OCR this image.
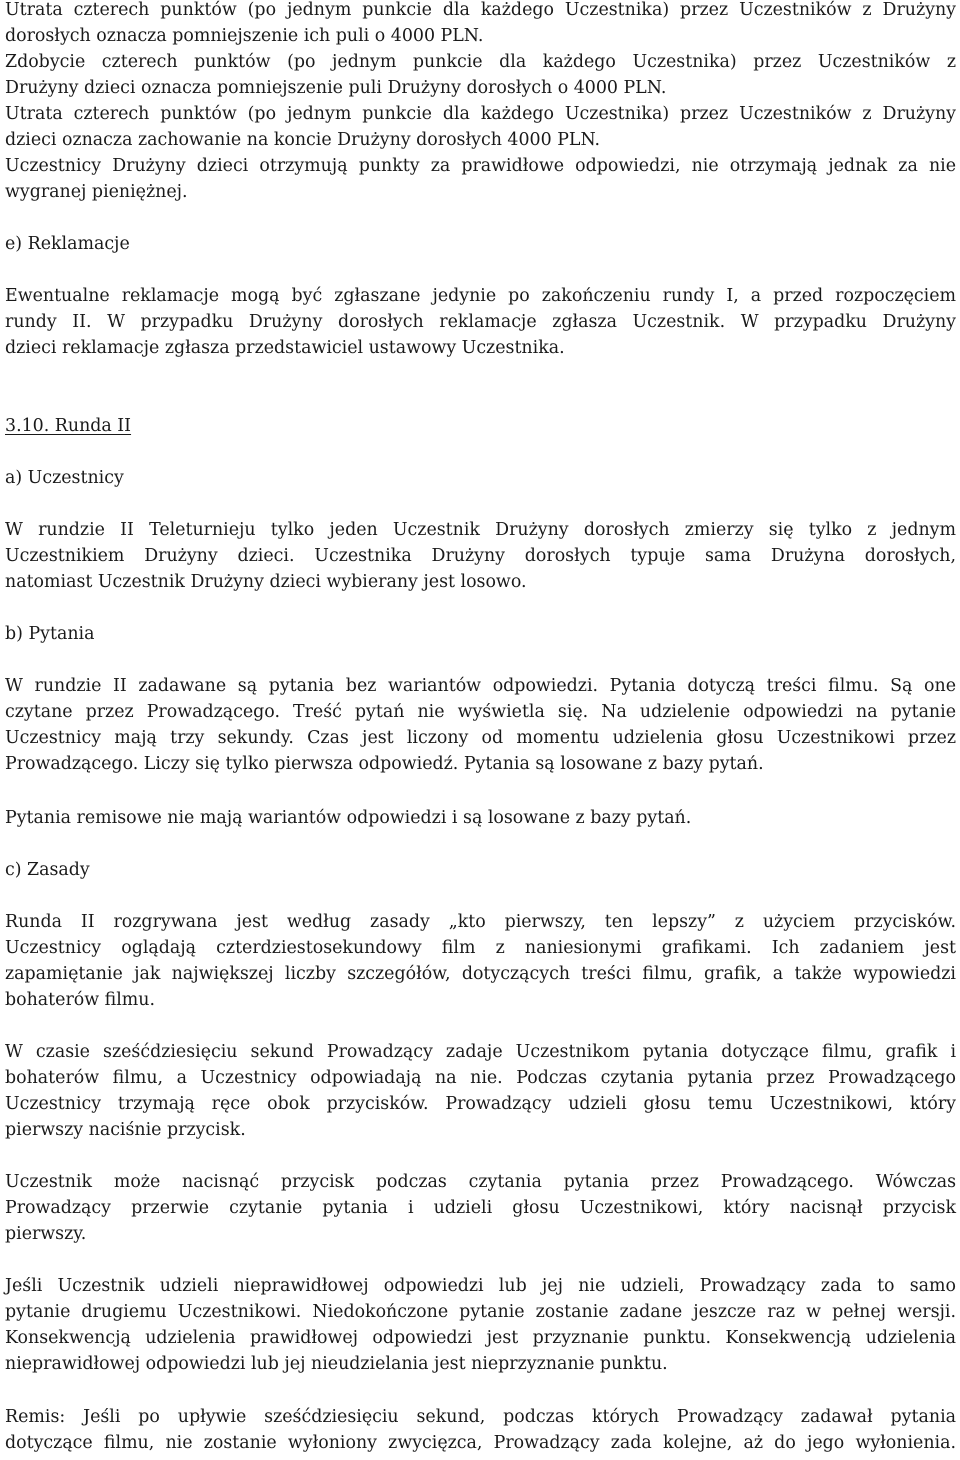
Utrata czterech punktów (po jednym punkcie dla każdego Uczestnika) przez Uczestników z Drużyny
dorosłych oznacza pomniejszenie ich puli o 4000 PLN.
Zdobycie czterech punktów (po jednym punkcie dla każdego Uczestnika) przez Uczestników z
Drużyny dzieci oznacza pomniejszenie puli Drużyny dorosłych o 4000 PLN.
Utrata czterech punktów (po jednym punkcie dla każdego Uczestnika) przez Uczestników z Drużyny
dzieci oznacza zachowanie na koncie Drużyny dorosłych 4000 PLN.
Uczestnicy Drużyny dzieci otrzymują punkty za prawidłowe odpowiedzi, nie otrzymają jednak za nie
wygranej pieniężnej.
e) Reklamacje
Ewentualne reklamacje mogą być zgłaszane jedynie po zakończeniu rundy I, a przed rozpoczęciem
rundy II. W przypadku Drużyny dorosłych reklamacje zgłasza Uczestnik. W przypadku Drużyny
dzieci reklamacje zgłasza przedstawiciel ustawowy Uczestnika.
3.10. Runda II
a) Uczestnicy
W rundzie II Teleturnieju tylko jeden Uczestnik Drużyny dorosłych zmierzy się tylko z jednym
Uczestnikiem Drużyny dzieci. Uczestnika Drużyny dorosłych typuje sama Drużyna dorosłych,
natomiast Uczestnik Drużyny dzieci wybierany jest losowo.
b) Pytania
W rundzie II zadawane są pytania bez wariantów odpowiedzi. Pytania dotyczą treści filmu. Są one
czytane przez Prowadzącego. Treść pytań nie wyświetla się. Na udzielenie odpowiedzi na pytanie
Uczestnicy mają trzy sekundy. Czas jest liczony od momentu udzielenia głosu Uczestnikowi przez
Prowadzącego. Liczy się tylko pierwsza odpowiedź. Pytania są losowane z bazy pytań.
Pytania remisowe nie mają wariantów odpowiedzi i są losowane z bazy pytań.
c) Zasady
Runda II rozgrywana jest według zasady „kto pierwszy, ten lepszy” z użyciem przycisków.
Uczestnicy oglądają czterdziestosekundowy film z naniesionymi grafikami. Ich zadaniem jest
zapamiętanie jak największej liczby szczegółów, dotyczących treści filmu, grafik, a także wypowiedzi
bohaterów filmu.
W czasie sześćdziesięciu sekund Prowadzący zadaje Uczestnikom pytania dotyczące filmu, grafik i
bohaterów filmu, a Uczestnicy odpowiadają na nie. Podczas czytania pytania przez Prowadzącego
Uczestnicy trzymają ręce obok przycisków. Prowadzący udzieli głosu temu Uczestnikowi, który
pierwszy naciśnie przycisk.
Uczestnik może nacisnąć przycisk podczas czytania pytania przez Prowadzącego. Wówczas
Prowadzący przerwie czytanie pytania i udzieli głosu Uczestnikowi, który nacisnął przycisk
pierwszy.
Jeśli Uczestnik udzieli nieprawidłowej odpowiedzi lub jej nie udzieli, Prowadzący zada to samo
pytanie drugiemu Uczestnikowi. Niedokończone pytanie zostanie zadane jeszcze raz w pełnej wersji.
Konsekwencją udzielenia prawidłowej odpowiedzi jest przyznanie punktu. Konsekwencją udzielenia
nieprawidłowej odpowiedzi lub jej nieudzielania jest nieprzyznanie punktu.
Remis: Jeśli po upływie sześćdziesięciu sekund, podczas których Prowadzący zadawał pytania
dotyczące filmu, nie zostanie wyłoniony zwycięzca, Prowadzący zada kolejne, aż do jego wyłonienia.
